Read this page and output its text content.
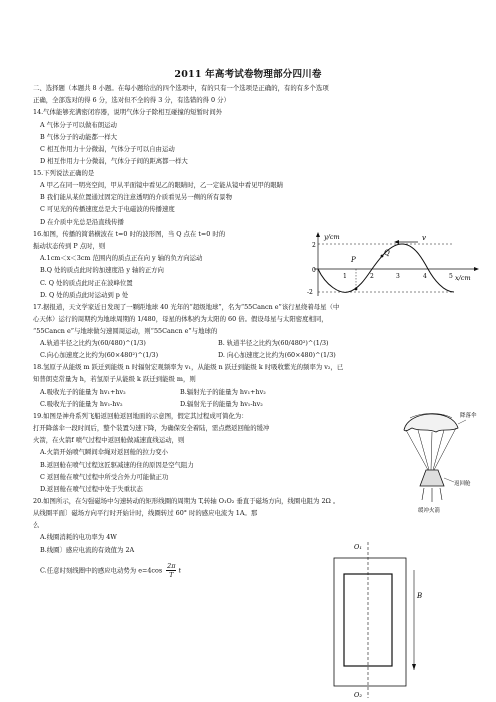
2011 年高考试卷物理部分四川卷
二、选择题（本题共 8 小题。在每小题给出的四个选项中，有的只有一个选项是正确的，有的有多个选项
正确，全部选对的得 6 分，选对但不全的得 3 分，有选错的得 0 分）
14.气体能够充满密闭容器，说明气体分子除相互碰撞的短暂时间外
A 气体分子可以做布朗运动
B 气体分子的动能都一样大
C 相互作用力十分微弱，气体分子可以自由运动
D 相互作用力十分微弱，气体分子间的距离都一样大
15.下列说法正确的是
A 甲乙在同一明亮空间，甲从平面镜中看见乙的眼睛时，乙一定能从镜中看见甲的眼睛
B 我们能从某位置通过固定的注意透明的介质看见另一侧的所有景物
C 可见光的传播速度总是大于电磁波的传播速度
D 在介质中光总是沿直线传播
16.如图，传播的简谐横波在 t=0 时的波形图，当 Q 点在 t=0 时的
振动状态传到 P 点时，则
A.1cm＜x＜3cm 范围内的质点正在向 y 轴的负方向运动
B.Q 处的质点此时的加速度沿 y 轴的正方向
C. Q 处的质点此时正在波峰位置
D. Q 处的质点此时运动到 p 处
17.据报道，天文学家近日发现了一颗距地球 40 光年的“超级地球”，名为“55Cancn e”该行星绕着母星（中
心天体）运行的周期约为地球周期的 1/480，母星的体积约为太阳的 60 倍。假设母星与太阳密度相同，
“55Cancn e”与地球做匀速圆周运动，则“55Cancn e”与地球的
A.轨道半径之比约为(60/480)^(1/3)	B. 轨道半径之比约为(60/480²)^(1/3)
C.向心加速度之比约为(60×480²)^(1/3)	D. 向心加速度之比约为(60×480)^(1/3)
18.氢原子从能级 m 跃迁到能级 n 时辐射宏观频率为 v₁，从能级 n 跃迁到能级 k 时吸收紫光的频率为 v₂，已
知普朗克常量为 h，若氢原子从能级 k 跃迁到能级 m，则
A.吸收光子的能量为 hv₁+hv₂	B.辐射光子的能量为 hv₁+hv₂
C.吸收光子的能量为 hv₁-hv₂	D.辐射光子的能量为 hv₁-hv₂
19.如图是神舟系列飞船返回舱返回地面的示意图，假定其过程成可简化为：
打开降落伞一段时间后，整个装置匀速下降，为确保安全着陆，需点燃返回舱的缓冲
火箭，在火箭f 喷气过程中返回舱做减速直线运动，则
A.火箭开始喷气瞬间伞绳对返回舱的拉力变小
B.返回舱在喷气过程这匠驱减速的住的原因是空气阻力
C 返回舱在喷气过程中所受合外力可能做正功
D.返回舱在喷气过程中处于失重状态
20.如图所示，在匀强磁场中匀速转动的矩形线圈的周期为 T,转轴 O₁O₂ 垂直于磁场方向，线圈电阻为 2Ω 。
从线圈平面〕磁场方向平行时开始计时，线圈转过 60° 时的感应电流为 1A。那
么
A.线圈消耗的电功率为 4W
B.线圈〕感应电流的有效值为 2A
C.任意时刻线圈中的感应电动势为 $e=4\cos \frac{2\pi}{T}$ t
y/cm
x/cm
2
0
-2
1	2	3	4	5
P
Q
v
降落伞
返回舱
缓冲火箭
O₁
O₂
B
